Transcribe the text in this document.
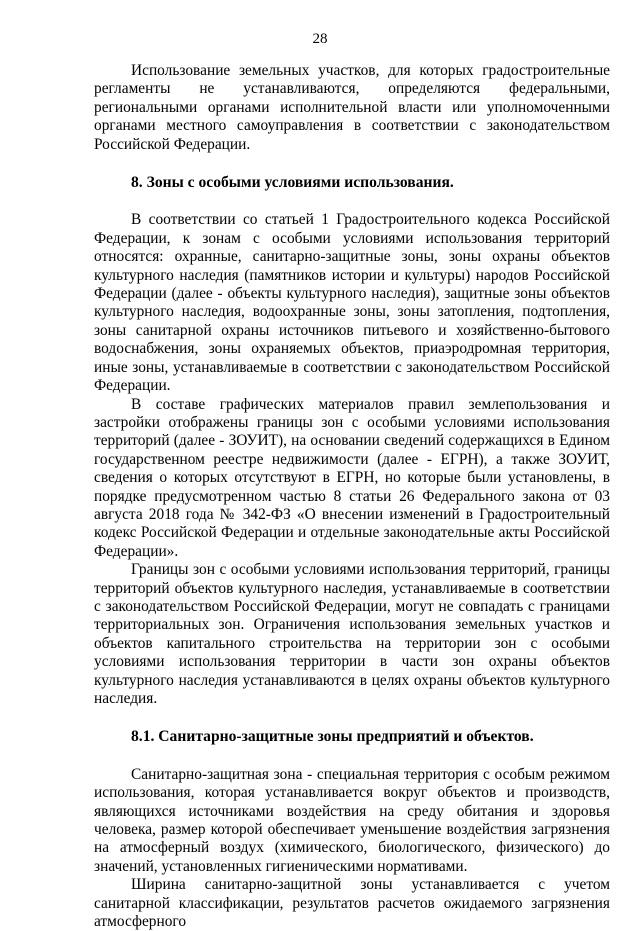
28

Использование земельных участков, для которых градостроительные регламенты не устанавливаются, определяются федеральными, региональными органами исполнительной власти или уполномоченными органами местного самоуправления в соответствии с законодательством Российской Федерации.

8. Зоны с особыми условиями использования.

В соответствии со статьей 1 Градостроительного кодекса Российской Федерации, к зонам с особыми условиями использования территорий относятся: охранные, санитарно-защитные зоны, зоны охраны объектов культурного наследия (памятников истории и культуры) народов Российской Федерации (далее - объекты культурного наследия), защитные зоны объектов культурного наследия, водоохранные зоны, зоны затопления, подтопления, зоны санитарной охраны источников питьевого и хозяйственно-бытового водоснабжения, зоны охраняемых объектов, приаэродромная территория, иные зоны, устанавливаемые в соответствии с законодательством Российской Федерации.

В составе графических материалов правил землепользования и застройки отображены границы зон с особыми условиями использования территорий (далее - ЗОУИТ), на основании сведений содержащихся в Едином государственном реестре недвижимости (далее - ЕГРН), а также ЗОУИТ, сведения о которых отсутствуют в ЕГРН, но которые были установлены, в порядке предусмотренном частью 8 статьи 26 Федерального закона от 03 августа 2018 года № 342-ФЗ «О внесении изменений в Градостроительный кодекс Российской Федерации и отдельные законодательные акты Российской Федерации».

Границы зон с особыми условиями использования территорий, границы территорий объектов культурного наследия, устанавливаемые в соответствии с законодательством Российской Федерации, могут не совпадать с границами территориальных зон. Ограничения использования земельных участков и объектов капитального строительства на территории зон с особыми условиями использования территории в части зон охраны объектов культурного наследия устанавливаются в целях охраны объектов культурного наследия.

8.1. Санитарно-защитные зоны предприятий и объектов.

Санитарно-защитная зона - специальная территория с особым режимом использования, которая устанавливается вокруг объектов и производств, являющихся источниками воздействия на среду обитания и здоровья человека, размер которой обеспечивает уменьшение воздействия загрязнения на атмосферный воздух (химического, биологического, физического) до значений, установленных гигиеническими нормативами.

Ширина санитарно-защитной зоны устанавливается с учетом санитарной классификации, результатов расчетов ожидаемого загрязнения атмосферного
